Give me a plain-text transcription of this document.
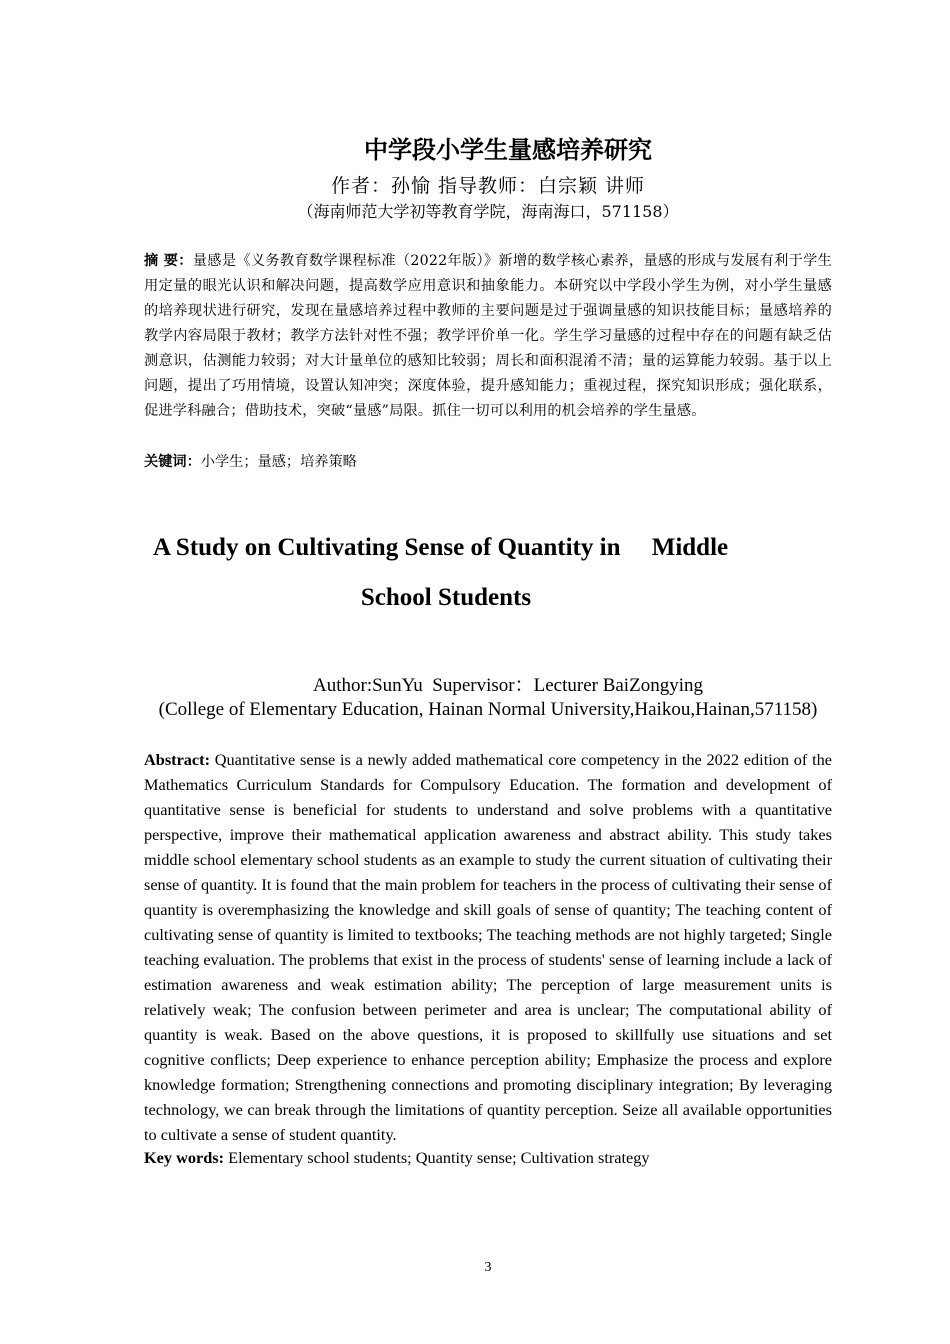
中学段小学生量感培养研究

作者：孙愉 指导教师：白宗颖 讲师

（海南师范大学初等教育学院，海南海口，571158）

摘 要：量感是《义务教育数学课程标准（2022年版）》新增的数学核心素养，量感的形成与发展有利于学生用定量的眼光认识和解决问题，提高数学应用意识和抽象能力。本研究以中学段小学生为例，对小学生量感的培养现状进行研究，发现在量感培养过程中教师的主要问题是过于强调量感的知识技能目标；量感培养的教学内容局限于教材；教学方法针对性不强；教学评价单一化。学生学习量感的过程中存在的问题有缺乏估测意识，估测能力较弱；对大计量单位的感知比较弱；周长和面积混淆不清；量的运算能力较弱。基于以上问题，提出了巧用情境，设置认知冲突；深度体验，提升感知能力；重视过程，探究知识形成；强化联系，促进学科融合；借助技术，突破“量感”局限。抓住一切可以利用的机会培养的学生量感。

关键词：小学生；量感；培养策略

A Study on Cultivating Sense of Quantity in     Middle
School Students

Author:SunYu  Supervisor：Lecturer BaiZongying

(College of Elementary Education, Hainan Normal University,Haikou,Hainan,571158)

Abstract: Quantitative sense is a newly added mathematical core competency in the 2022 edition of the Mathematics Curriculum Standards for Compulsory Education. The formation and development of quantitative sense is beneficial for students to understand and solve problems with a quantitative perspective, improve their mathematical application awareness and abstract ability. This study takes middle school elementary school students as an example to study the current situation of cultivating their sense of quantity. It is found that the main problem for teachers in the process of cultivating their sense of quantity is overemphasizing the knowledge and skill goals of sense of quantity; The teaching content of cultivating sense of quantity is limited to textbooks; The teaching methods are not highly targeted; Single teaching evaluation. The problems that exist in the process of students' sense of learning include a lack of estimation awareness and weak estimation ability; The perception of large measurement units is relatively weak; The confusion between perimeter and area is unclear; The computational ability of quantity is weak. Based on the above questions, it is proposed to skillfully use situations and set cognitive conflicts; Deep experience to enhance perception ability; Emphasize the process and explore knowledge formation; Strengthening connections and promoting disciplinary integration; By leveraging technology, we can break through the limitations of quantity perception. Seize all available opportunities to cultivate a sense of student quantity.

Key words: Elementary school students; Quantity sense; Cultivation strategy

3
